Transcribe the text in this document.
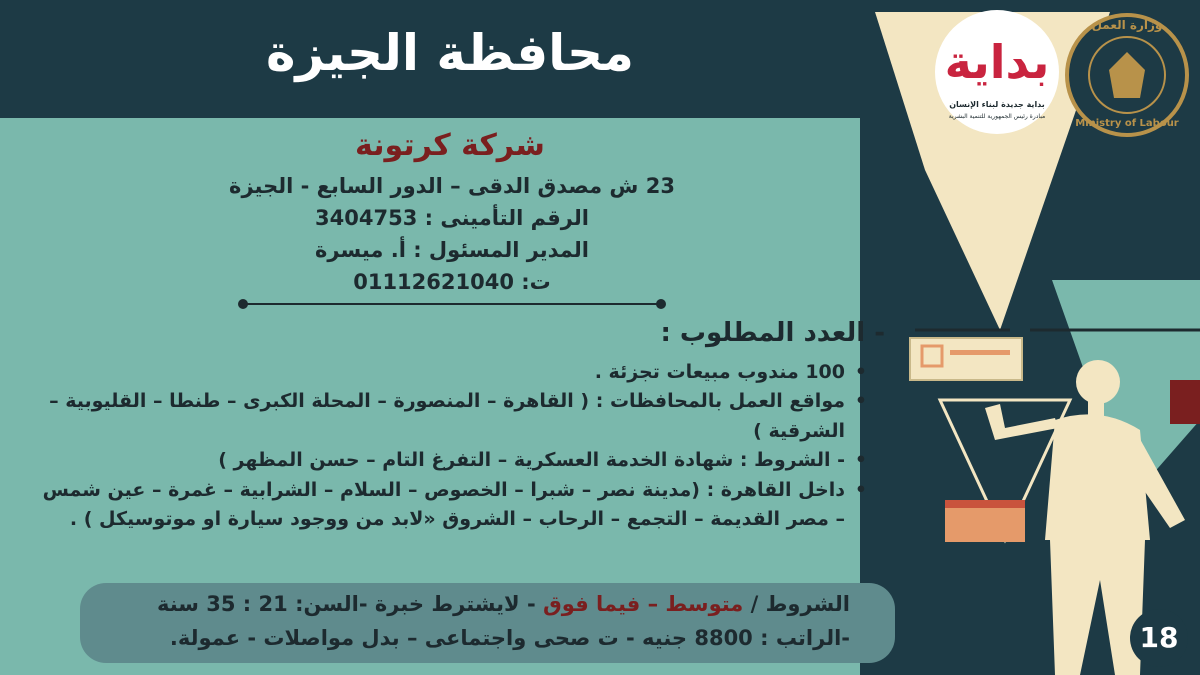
محافظة الجيزة	بداية
بداية جديدة لبناء الإنسان
مبادرة رئيس الجمهورية للتنمية البشرية
وزارة العمل
Ministry of Labour
شركة كرتونة
23 ش مصدق الدقى – الدور السابع - الجيزة
الرقم التأمينى : 3404753
المدير المسئول : أ. ميسرة
ت: 01112621040
- العدد المطلوب :
• 100 مندوب مبيعات تجزئة .
• مواقع العمل بالمحافظات : ( القاهرة – المنصورة – المحلة الكبرى – طنطا – القليوبية – الشرقية )
• - الشروط : شهادة الخدمة العسكرية – التفرغ التام – حسن المظهر )
• داخل القاهرة : (مدينة نصر – شبرا – الخصوص – السلام – الشرابية – غمرة – عين شمس – مصر القديمة – التجمع – الرحاب – الشروق «لابد من ووجود سيارة او موتوسيكل ) .
الشروط / متوسط – فيما فوق - لايشترط خبرة -السن: 21 : 35 سنة
-الراتب : 8800 جنيه - ت صحى واجتماعى – بدل مواصلات - عمولة.	18
